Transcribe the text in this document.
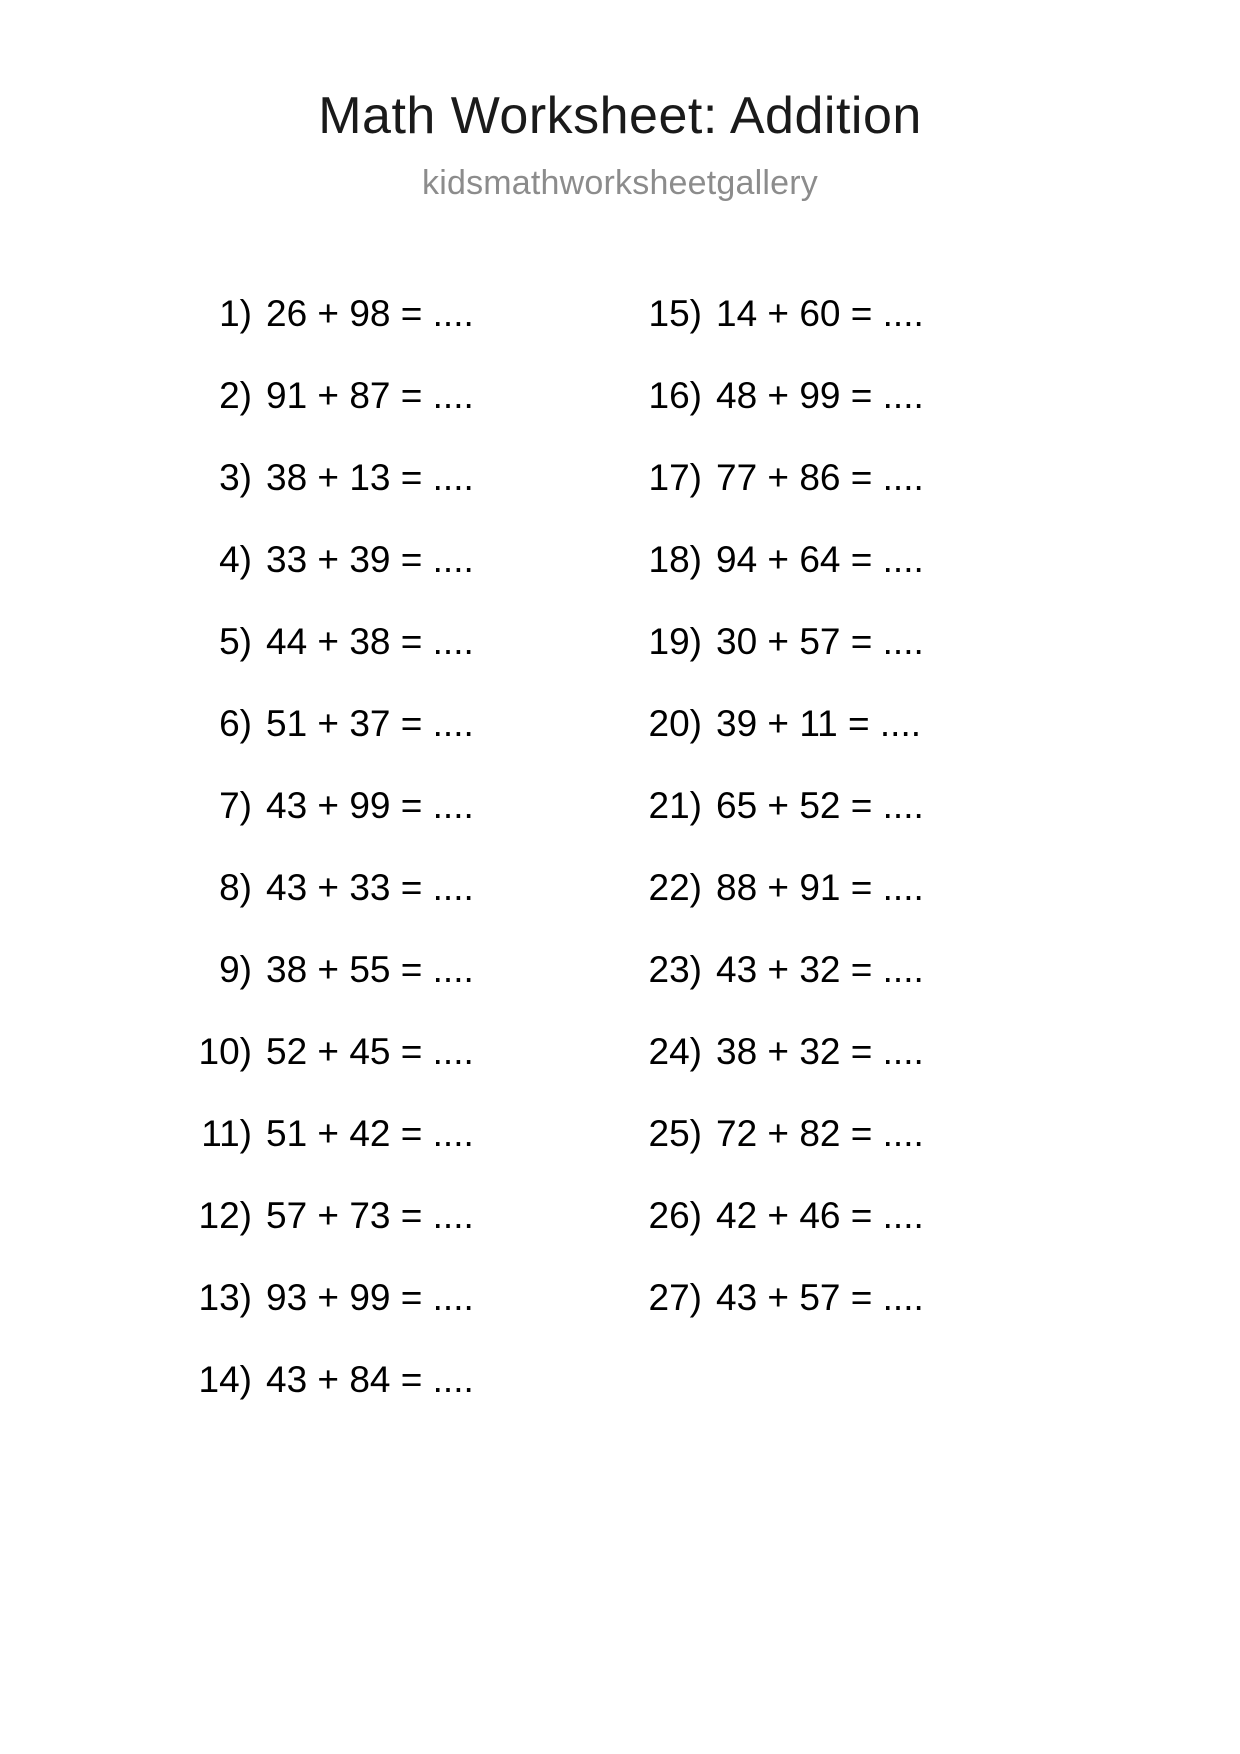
Math Worksheet: Addition
kidsmathworksheetgallery
1) 26 + 98 = ....
2) 91 + 87 = ....
3) 38 + 13 = ....
4) 33 + 39 = ....
5) 44 + 38 = ....
6) 51 + 37 = ....
7) 43 + 99 = ....
8) 43 + 33 = ....
9) 38 + 55 = ....
10) 52 + 45 = ....
11) 51 + 42 = ....
12) 57 + 73 = ....
13) 93 + 99 = ....
14) 43 + 84 = ....
15) 14 + 60 = ....
16) 48 + 99 = ....
17) 77 + 86 = ....
18) 94 + 64 = ....
19) 30 + 57 = ....
20) 39 + 11 = ....
21) 65 + 52 = ....
22) 88 + 91 = ....
23) 43 + 32 = ....
24) 38 + 32 = ....
25) 72 + 82 = ....
26) 42 + 46 = ....
27) 43 + 57 = ....
